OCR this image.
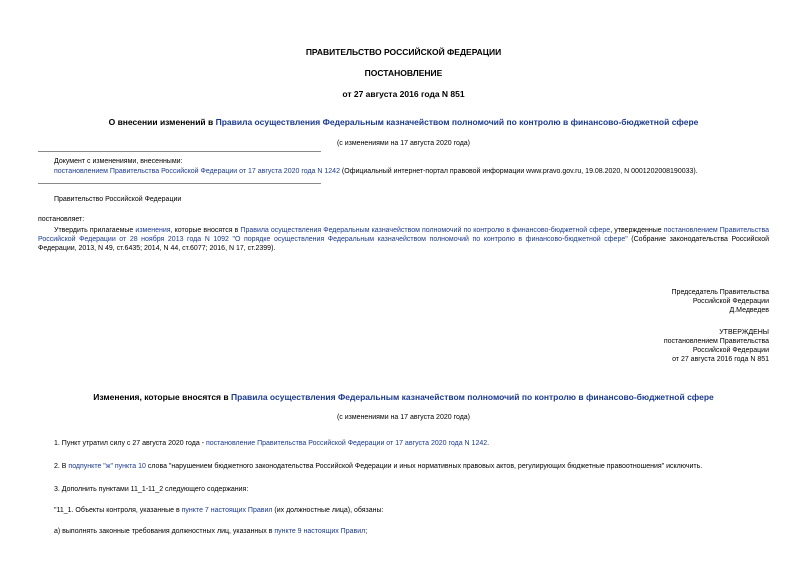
ПРАВИТЕЛЬСТВО РОССИЙСКОЙ ФЕДЕРАЦИИ
ПОСТАНОВЛЕНИЕ
от 27 августа 2016 года N 851
О внесении изменений в Правила осуществления Федеральным казначейством полномочий по контролю в финансово-бюджетной сфере
(с изменениями на 17 августа 2020 года)
Документ с изменениями, внесенными:
постановлением Правительства Российской Федерации от 17 августа 2020 года N 1242 (Официальный интернет-портал правовой информации www.pravo.gov.ru, 19.08.2020, N 0001202008190033).
Правительство Российской Федерации
постановляет:
Утвердить прилагаемые изменения, которые вносятся в Правила осуществления Федеральным казначейством полномочий по контролю в финансово-бюджетной сфере, утвержденные постановлением Правительства Российской Федерации от 28 ноября 2013 года N 1092 "О порядке осуществления Федеральным казначейством полномочий по контролю в финансово-бюджетной сфере" (Собрание законодательства Российской Федерации, 2013, N 49, ст.6435; 2014, N 44, ст.6077; 2016, N 17, ст.2399).
Председатель Правительства
Российской Федерации
Д.Медведев
УТВЕРЖДЕНЫ
постановлением Правительства
Российской Федерации
от 27 августа 2016 года N 851
Изменения, которые вносятся в Правила осуществления Федеральным казначейством полномочий по контролю в финансово-бюджетной сфере
(с изменениями на 17 августа 2020 года)
1. Пункт утратил силу с 27 августа 2020 года - постановление Правительства Российской Федерации от 17 августа 2020 года N 1242.
2. В подпункте "ж" пункта 10 слова "нарушением бюджетного законодательства Российской Федерации и иных нормативных правовых актов, регулирующих бюджетные правоотношения" исключить.
3. Дополнить пунктами 11_1-11_2 следующего содержания:
"11_1. Объекты контроля, указанные в пункте 7 настоящих Правил (их должностные лица), обязаны:
а) выполнять законные требования должностных лиц, указанных в пункте 9 настоящих Правил;
